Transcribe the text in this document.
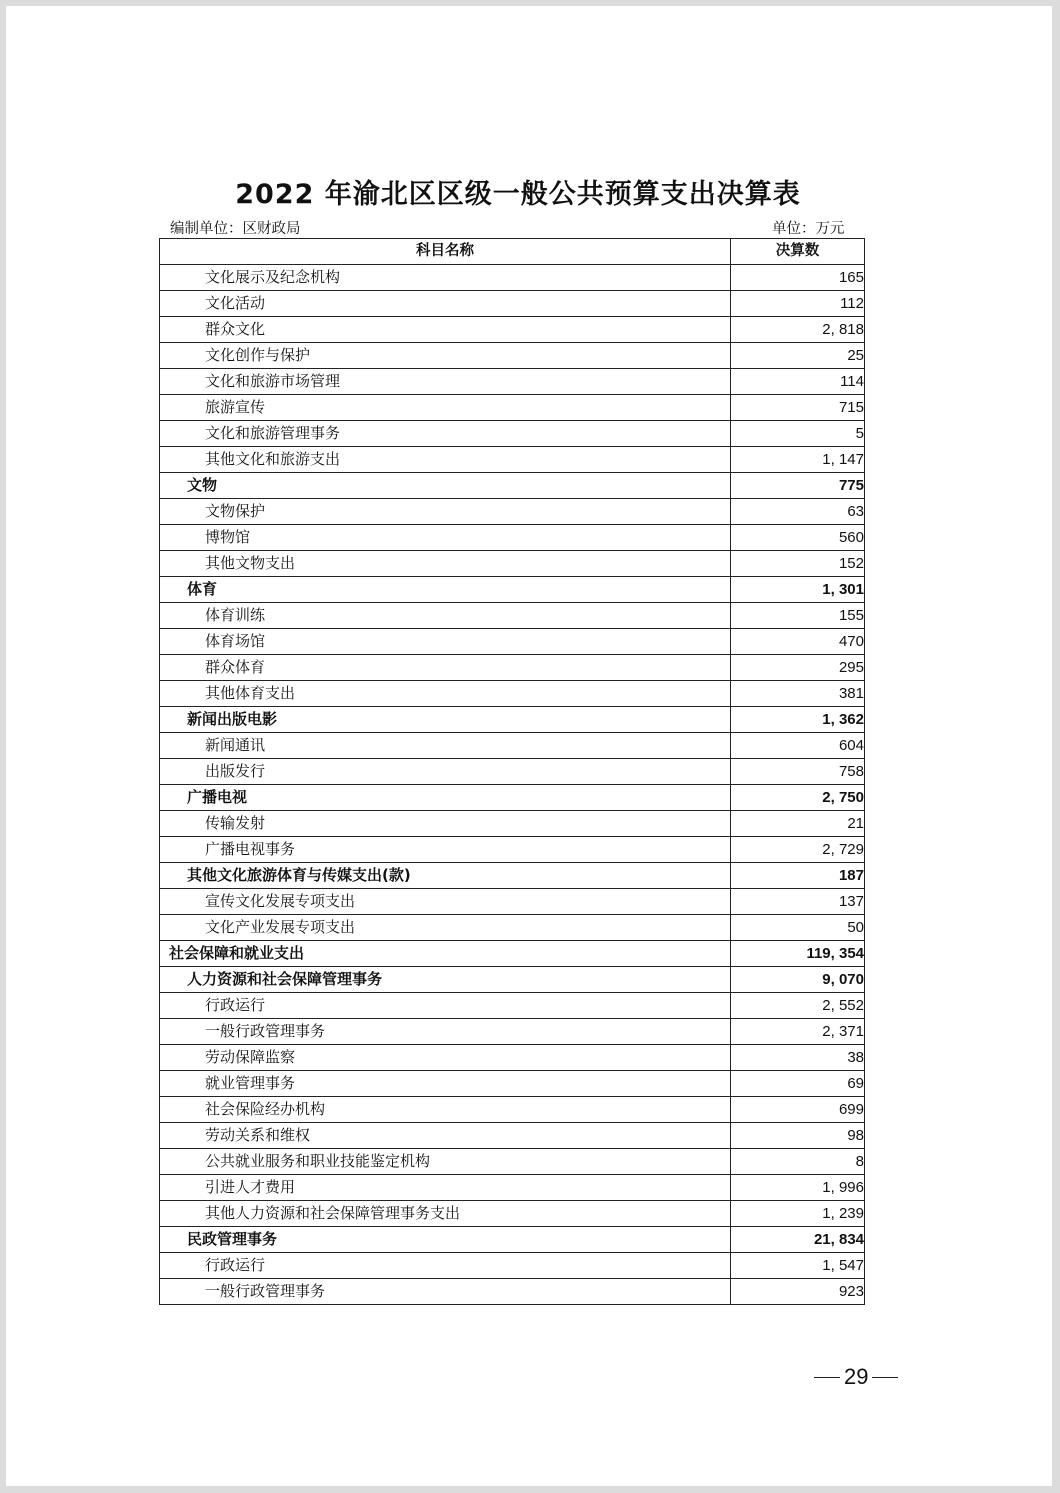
2022 年渝北区区级一般公共预算支出决算表
编制单位：区财政局	单位：万元
科目名称	决算数
文化展示及纪念机构	165
文化活动	112
群众文化	2, 818
文化创作与保护	25
文化和旅游市场管理	114
旅游宣传	715
文化和旅游管理事务	5
其他文化和旅游支出	1, 147
文物	775
文物保护	63
博物馆	560
其他文物支出	152
体育	1, 301
体育训练	155
体育场馆	470
群众体育	295
其他体育支出	381
新闻出版电影	1, 362
新闻通讯	604
出版发行	758
广播电视	2, 750
传输发射	21
广播电视事务	2, 729
其他文化旅游体育与传媒支出(款)	187
宣传文化发展专项支出	137
文化产业发展专项支出	50
社会保障和就业支出	119, 354
人力资源和社会保障管理事务	9, 070
行政运行	2, 552
一般行政管理事务	2, 371
劳动保障监察	38
就业管理事务	69
社会保险经办机构	699
劳动关系和维权	98
公共就业服务和职业技能鉴定机构	8
引进人才费用	1, 996
其他人力资源和社会保障管理事务支出	1, 239
民政管理事务	21, 834
行政运行	1, 547
一般行政管理事务	923
29
